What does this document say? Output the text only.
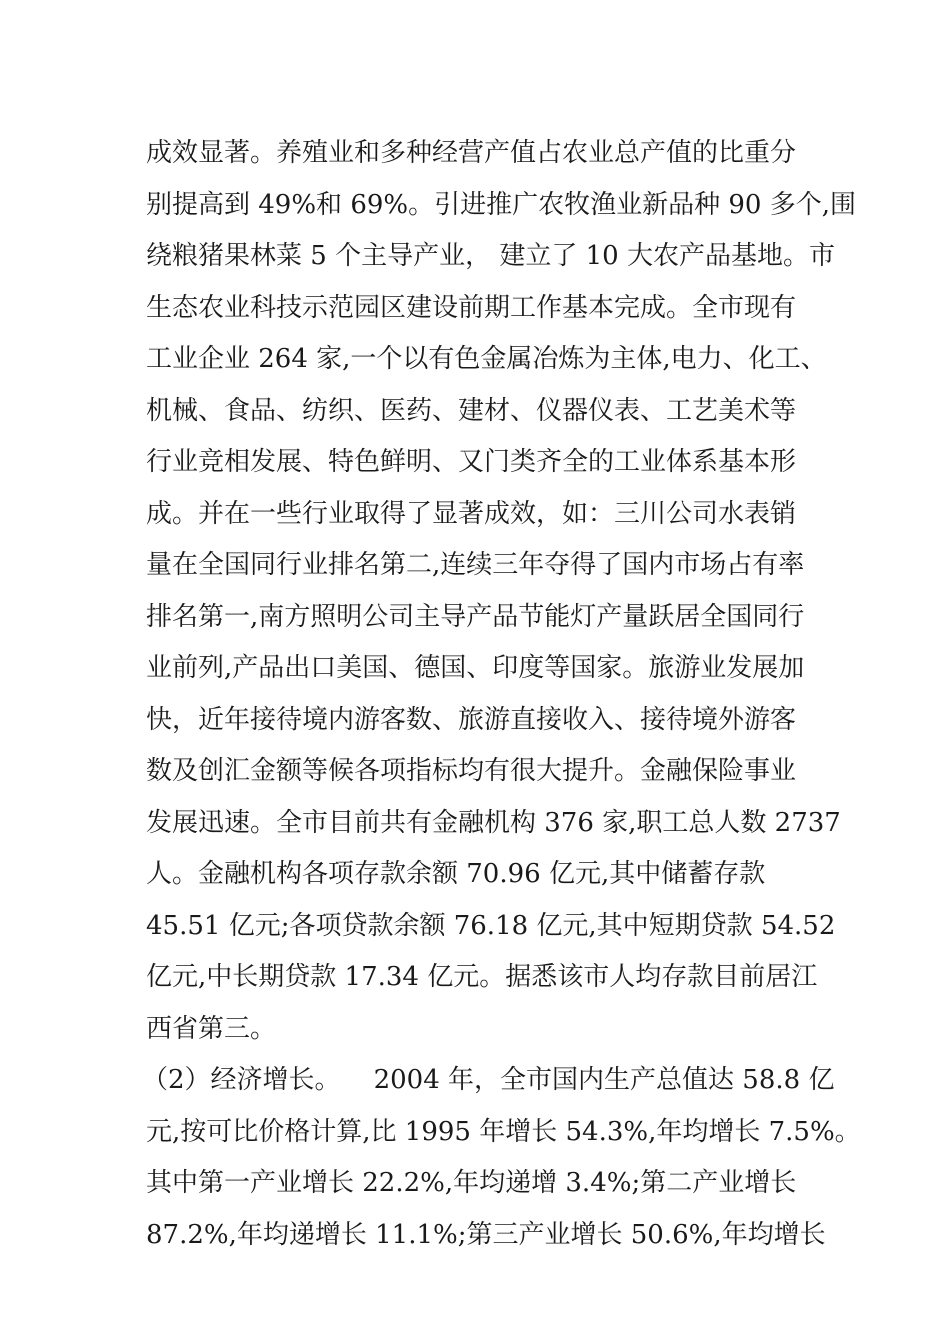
成效显著。养殖业和多种经营产值占农业总产值的比重分
别提高到 49%和 69%。引进推广农牧渔业新品种 90 多个,围
绕粮猪果林菜 5 个主导产业， 建立了 10 大农产品基地。市
生态农业科技示范园区建设前期工作基本完成。全市现有
工业企业 264 家,一个以有色金属冶炼为主体,电力、化工、
机械、食品、纺织、医药、建材、仪器仪表、工艺美术等
行业竞相发展、特色鲜明、又门类齐全的工业体系基本形
成。并在一些行业取得了显著成效，如：三川公司水表销
量在全国同行业排名第二,连续三年夺得了国内市场占有率
排名第一,南方照明公司主导产品节能灯产量跃居全国同行
业前列,产品出口美国、德国、印度等国家。旅游业发展加
快，近年接待境内游客数、旅游直接收入、接待境外游客
数及创汇金额等候各项指标均有很大提升。金融保险事业
发展迅速。全市目前共有金融机构 376 家,职工总人数 2737
人。金融机构各项存款余额 70.96 亿元,其中储蓄存款
45.51 亿元;各项贷款余额 76.18 亿元,其中短期贷款 54.52
亿元,中长期贷款 17.34 亿元。据悉该市人均存款目前居江
西省第三。
（2）经济增长。    2004 年，全市国内生产总值达 58.8 亿
元,按可比价格计算,比 1995 年增长 54.3%,年均增长 7.5%。
其中第一产业增长 22.2%,年均递增 3.4%;第二产业增长
87.2%,年均递增长 11.1%;第三产业增长 50.6%,年均增长
